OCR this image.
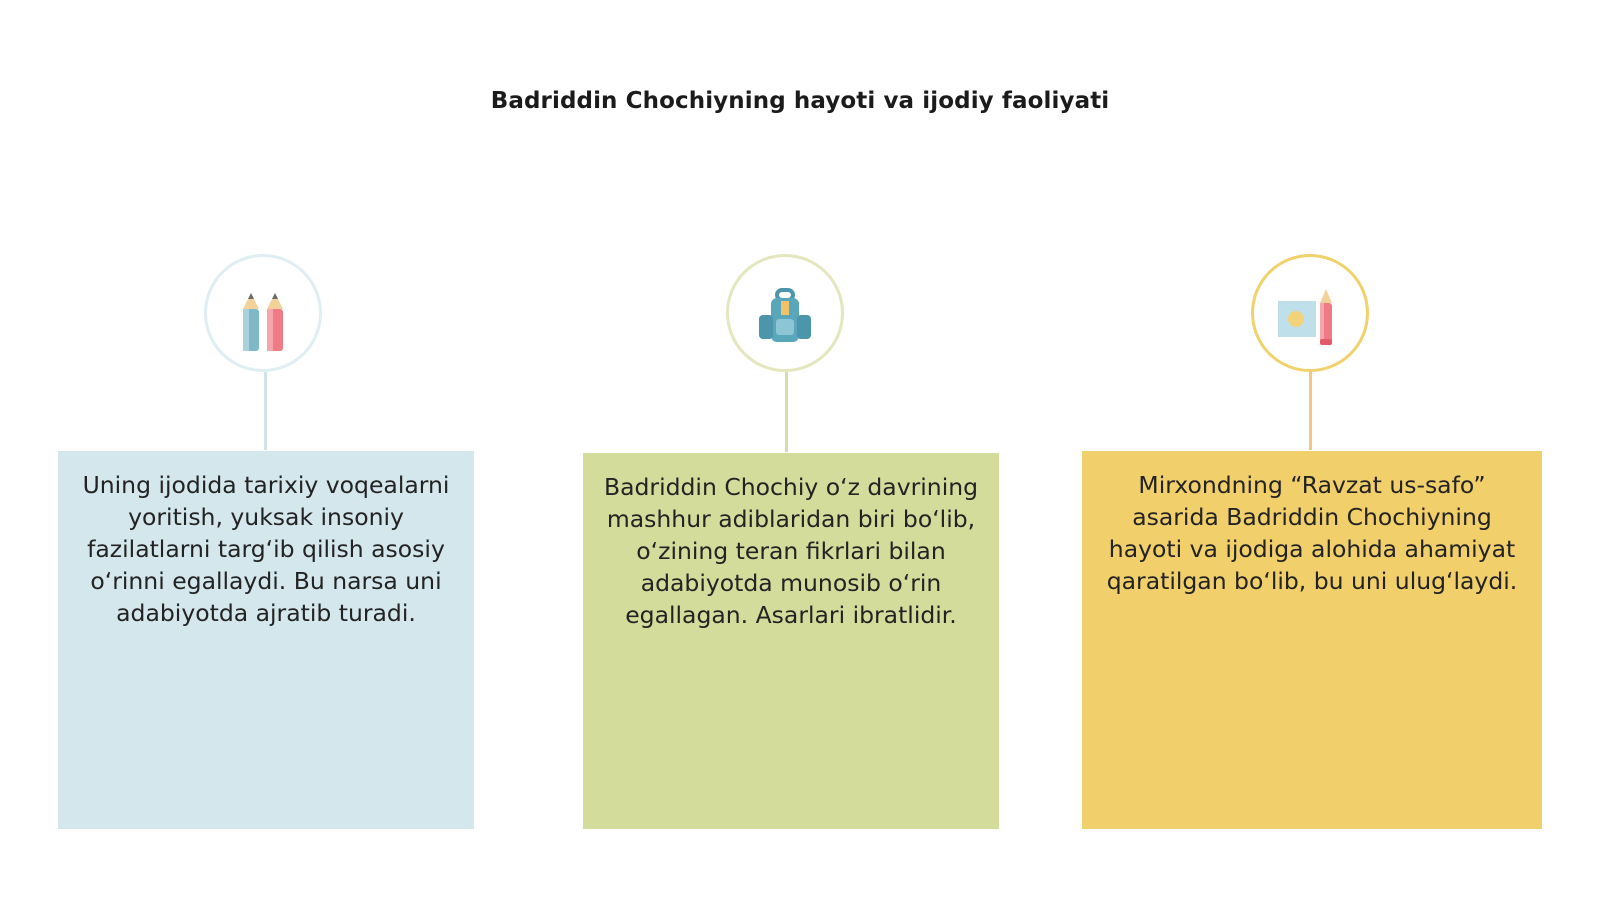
Badriddin Chochiyning hayoti va ijodiy faoliyati
Uning ijodida tarixiy voqealarni yoritish, yuksak insoniy fazilatlarni targ‘ib qilish asosiy o‘rinni egallaydi. Bu narsa uni adabiyotda ajratib turadi.
Badriddin Chochiy o‘z davrining mashhur adiblaridan biri bo‘lib, o‘zining teran fikrlari bilan adabiyotda munosib o‘rin egallagan. Asarlari ibratlidir.
Mirxondning “Ravzat us-safo” asarida Badriddin Chochiyning hayoti va ijodiga alohida ahamiyat qaratilgan bo‘lib, bu uni ulug‘laydi.
